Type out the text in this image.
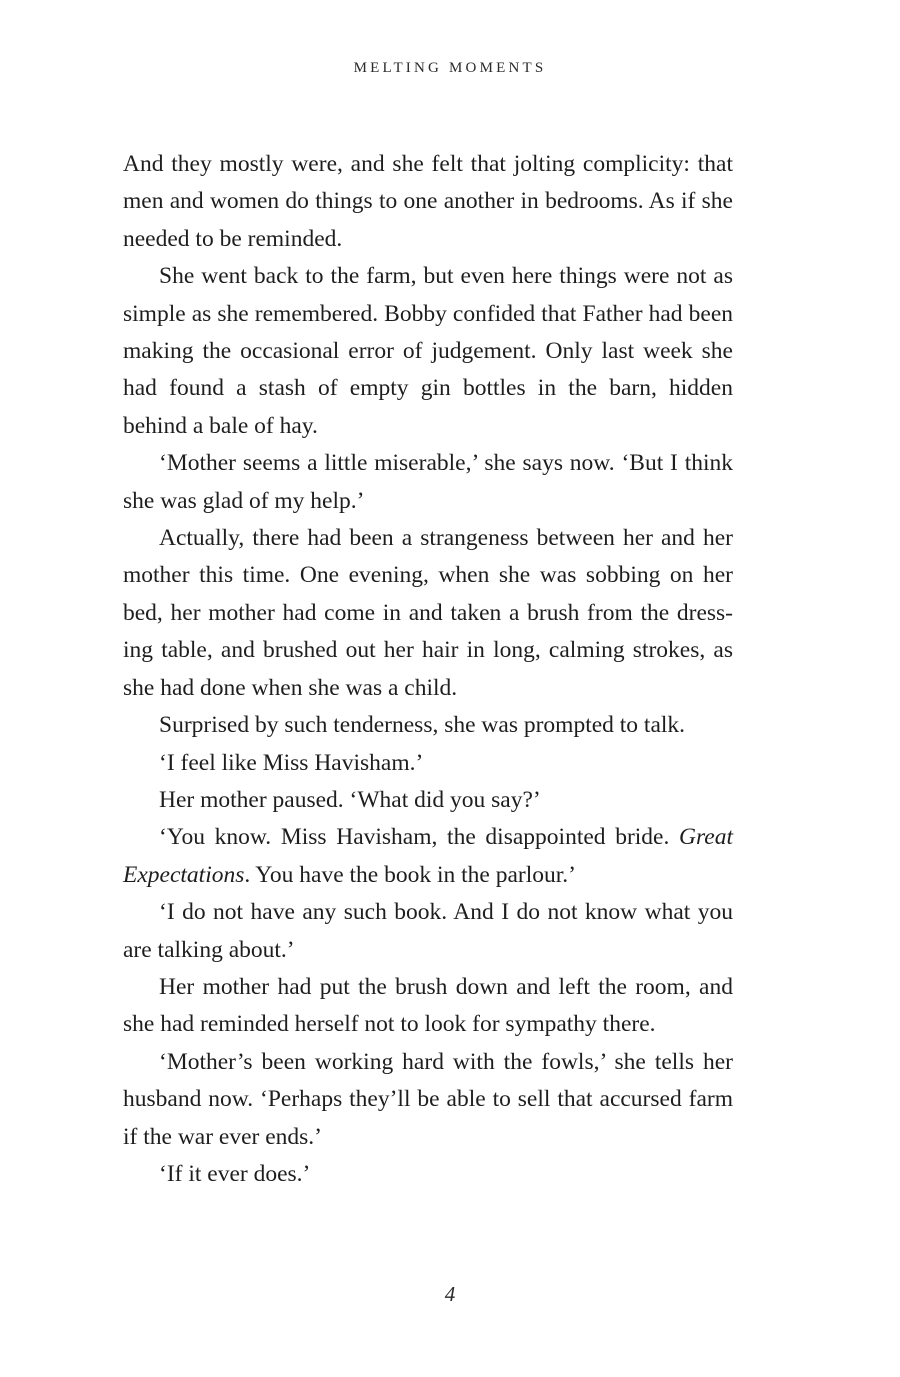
MELTING MOMENTS

And they mostly were, and she felt that jolting complicity: that men and women do things to one another in bedrooms. As if she needed to be reminded.

She went back to the farm, but even here things were not as simple as she remembered. Bobby confided that Father had been making the occasional error of judgement. Only last week she had found a stash of empty gin bottles in the barn, hidden behind a bale of hay.

‘Mother seems a little miserable,’ she says now. ‘But I think she was glad of my help.’

Actually, there had been a strangeness between her and her mother this time. One evening, when she was sobbing on her bed, her mother had come in and taken a brush from the dressing table, and brushed out her hair in long, calming strokes, as she had done when she was a child.

Surprised by such tenderness, she was prompted to talk.

‘I feel like Miss Havisham.’

Her mother paused. ‘What did you say?’

‘You know. Miss Havisham, the disappointed bride. Great Expectations. You have the book in the parlour.’

‘I do not have any such book. And I do not know what you are talking about.’

Her mother had put the brush down and left the room, and she had reminded herself not to look for sympathy there.

‘Mother’s been working hard with the fowls,’ she tells her husband now. ‘Perhaps they’ll be able to sell that accursed farm if the war ever ends.’

‘If it ever does.’

4
